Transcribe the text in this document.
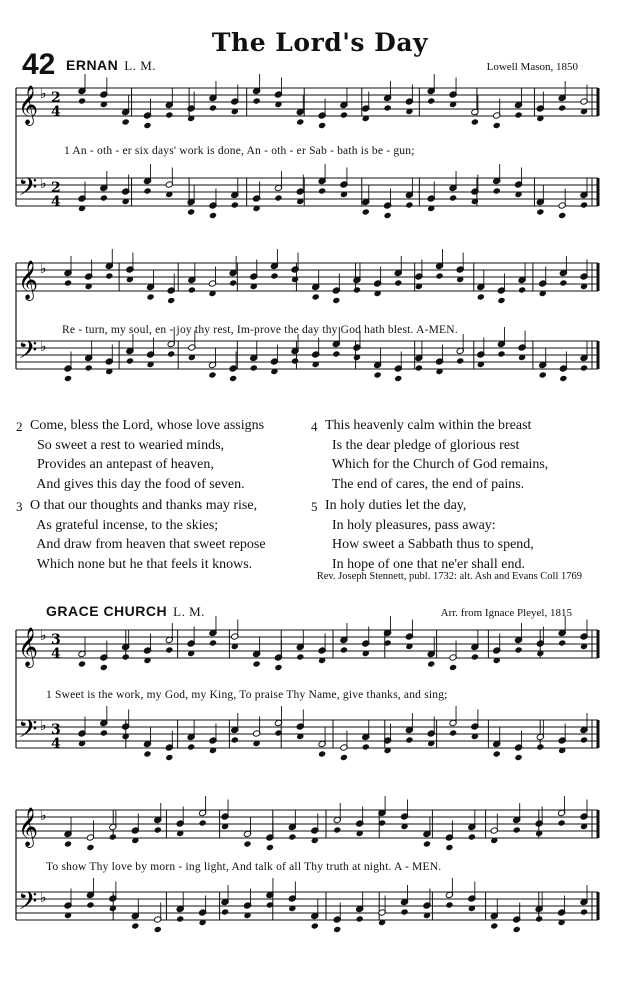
The Lord's Day
42 ERNAN L. M.	Lowell Mason, 1850
𝄞
𝄢
♭ 2
4
♭ 2
4
1 An - oth - er six days' work is done, An - oth - er Sab - bath is be - gun;
𝄞
𝄢
♭
♭
Re - turn, my soul, en - joy thy rest, Im-prove the day thy God hath blest. A-MEN.
2 Come, bless the Lord, whose love assigns
So sweet a rest to wearied minds,
Provides an antepast of heaven,
And gives this day the food of seven.
4 This heavenly calm within the breast
Is the dear pledge of glorious rest
Which for the Church of God remains,
The end of cares, the end of pains.
3 O that our thoughts and thanks may rise,
As grateful incense, to the skies;
And draw from heaven that sweet repose
Which none but he that feels it knows.
5 In holy duties let the day,
In holy pleasures, pass away:
How sweet a Sabbath thus to spend,
In hope of one that ne'er shall end.
Rev. Joseph Stennett, publ. 1732: alt. Ash and Evans Coll 1769
GRACE CHURCH L. M.	Arr. from Ignace Pleyel, 1815
𝄞
𝄢
♭ 3
4
♭ 3
4
1 Sweet is the work, my God, my King, To praise Thy Name, give thanks, and sing;
𝄞
𝄢
♭
♭
To show Thy love by morn - ing light, And talk of all Thy truth at night. A - MEN.
